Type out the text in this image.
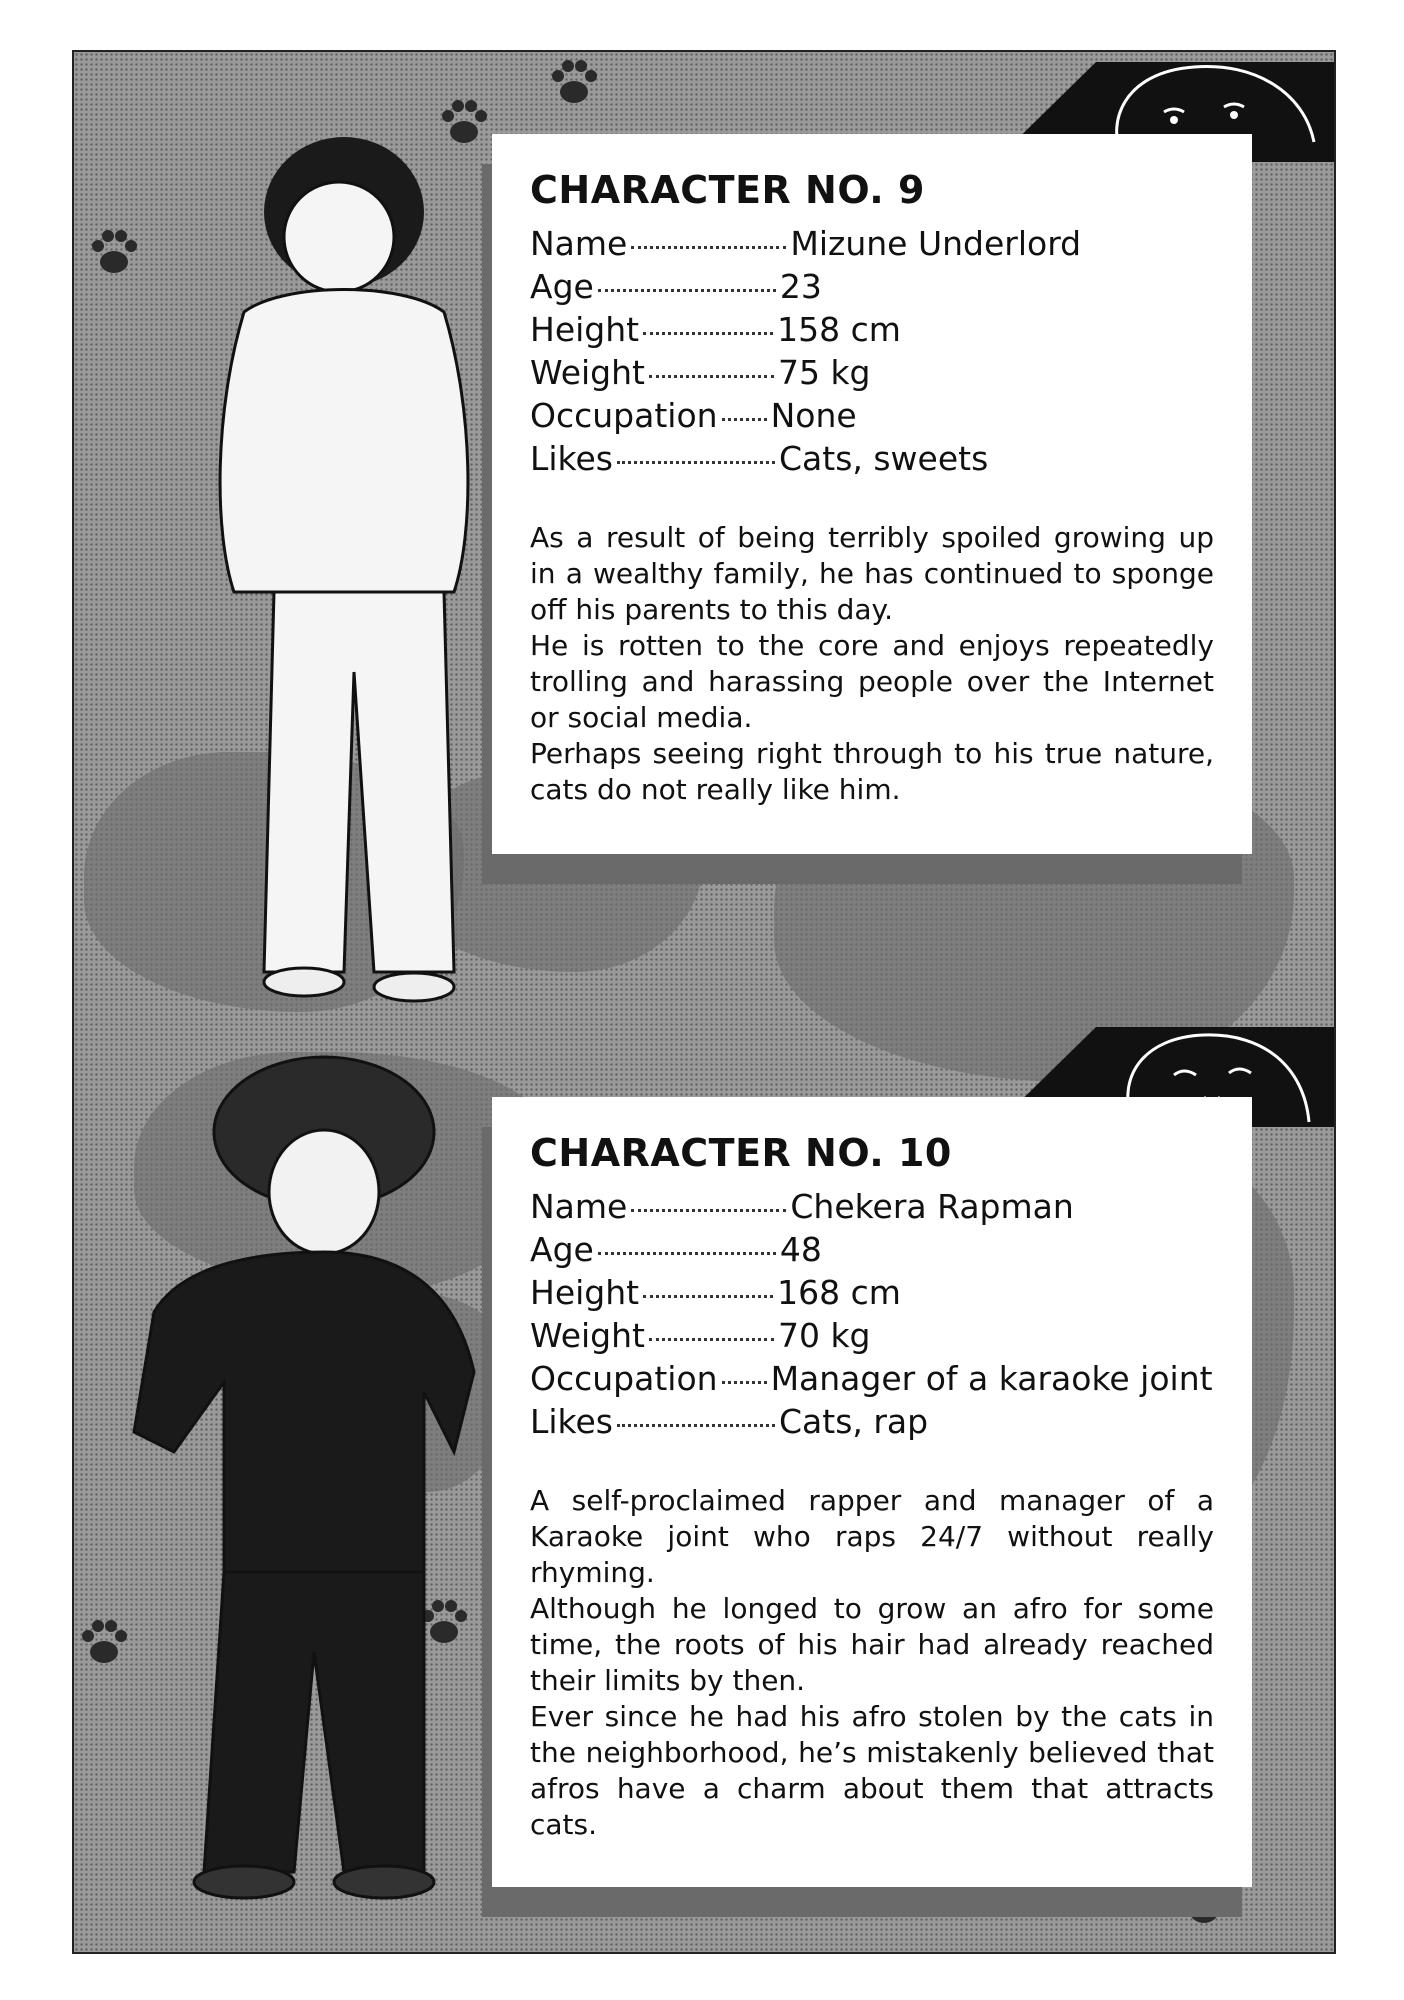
CHARACTER NO. 9
Name	Mizune Underlord
Age	23
Height	158 cm
Weight	75 kg
Occupation None
Likes	Cats, sweets

As a result of being terribly spoiled growing up in a wealthy family, he has continued to sponge off his parents to this day.

He is rotten to the core and enjoys repeatedly trolling and harassing people over the Internet or social media.

Perhaps seeing right through to his true nature, cats do not really like him.

CHARACTER NO. 10
Name	Chekera Rapman
Age	48
Height	168 cm
Weight	70 kg
Occupation Manager of a karaoke joint
Likes	Cats, rap

A self-proclaimed rapper and manager of a Karaoke joint who raps 24/7 without really rhyming.

Although he longed to grow an afro for some time, the roots of his hair had already reached their limits by then.

Ever since he had his afro stolen by the cats in the neighborhood, he’s mistakenly believed that afros have a charm about them that attracts cats.
